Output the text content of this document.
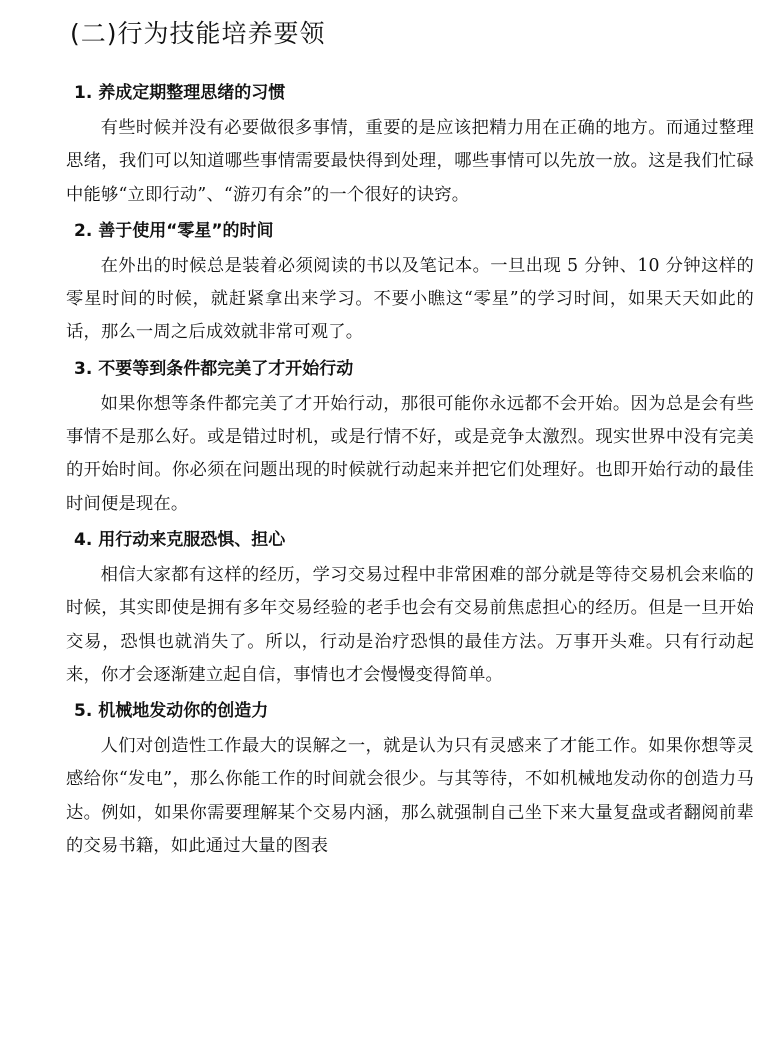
(二)行为技能培养要领

1. 养成定期整理思绪的习惯

有些时候并没有必要做很多事情，重要的是应该把精力用在正确的地方。而通过整理思绪，我们可以知道哪些事情需要最快得到处理，哪些事情可以先放一放。这是我们忙碌中能够“立即行动”、“游刃有余”的一个很好的诀窍。

2. 善于使用“零星”的时间

在外出的时候总是装着必须阅读的书以及笔记本。一旦出现 5 分钟、10 分钟这样的零星时间的时候，就赶紧拿出来学习。不要小瞧这“零星”的学习时间，如果天天如此的话，那么一周之后成效就非常可观了。

3. 不要等到条件都完美了才开始行动

如果你想等条件都完美了才开始行动，那很可能你永远都不会开始。因为总是会有些事情不是那么好。或是错过时机，或是行情不好，或是竞争太激烈。现实世界中没有完美的开始时间。你必须在问题出现的时候就行动起来并把它们处理好。也即开始行动的最佳时间便是现在。

4. 用行动来克服恐惧、担心

相信大家都有这样的经历，学习交易过程中非常困难的部分就是等待交易机会来临的时候，其实即使是拥有多年交易经验的老手也会有交易前焦虑担心的经历。但是一旦开始交易，恐惧也就消失了。所以，行动是治疗恐惧的最佳方法。万事开头难。只有行动起来，你才会逐渐建立起自信，事情也才会慢慢变得简单。

5. 机械地发动你的创造力

人们对创造性工作最大的误解之一，就是认为只有灵感来了才能工作。如果你想等灵感给你“发电”，那么你能工作的时间就会很少。与其等待，不如机械地发动你的创造力马达。例如，如果你需要理解某个交易内涵，那么就强制自己坐下来大量复盘或者翻阅前辈的交易书籍，如此通过大量的图表
